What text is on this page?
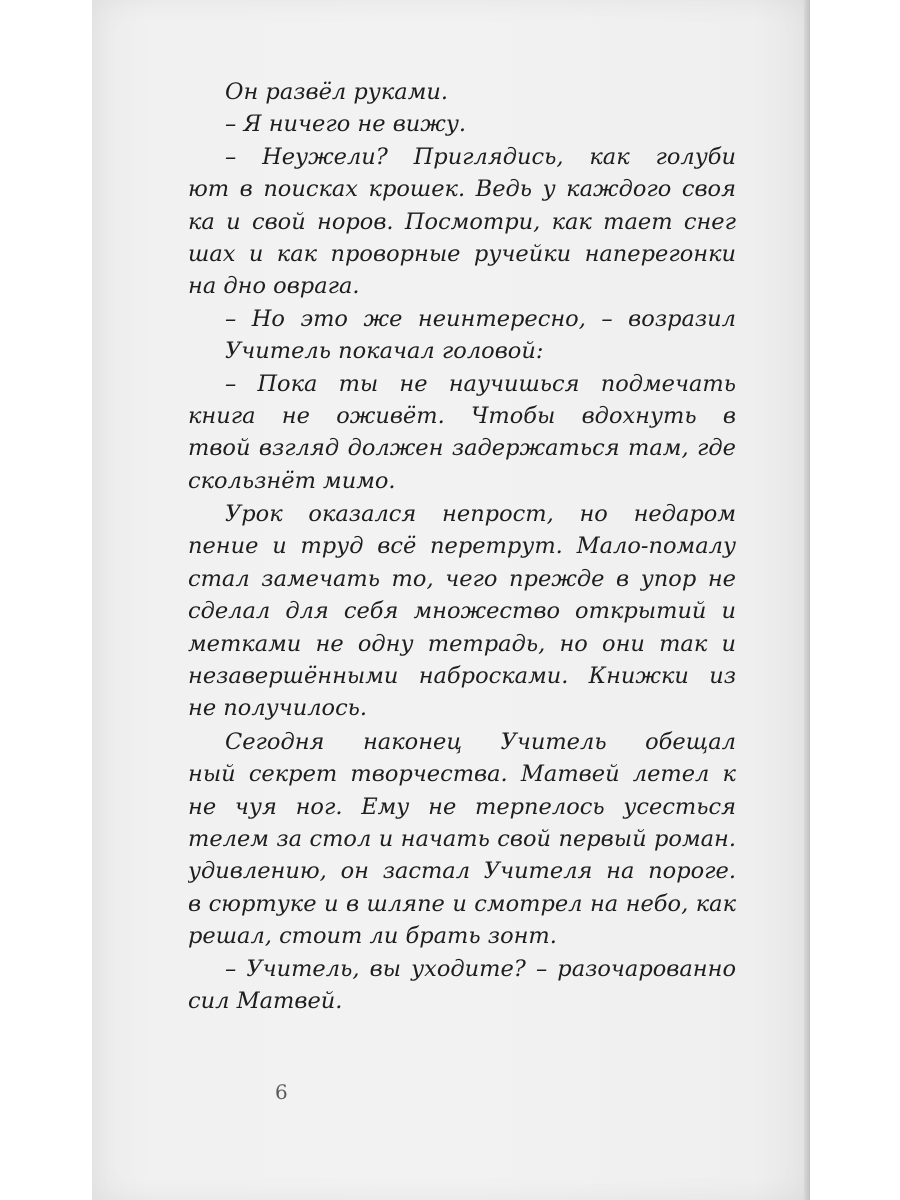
Он развёл руками.
– Я ничего не вижу.
– Неужели? Приглядись, как голуби
ют в поисках крошек. Ведь у каждого своя
ка и свой норов. Посмотри, как тает снег
шах и как проворные ручейки наперегонки
на дно оврага.
– Но это же неинтересно, – возразил
Учитель покачал головой:
– Пока ты не научишься подмечать
книга не оживёт. Чтобы вдохнуть в
твой взгляд должен задержаться там, где
скользнёт мимо.
Урок оказался непрост, но недаром
пение и труд всё перетрут. Мало-помалу
стал замечать то, чего прежде в упор не
сделал для себя множество открытий и
метками не одну тетрадь, но они так и
незавершёнными набросками. Книжки из
не получилось.
Сегодня наконец Учитель обещал
ный секрет творчества. Матвей летел к
не чуя ног. Ему не терпелось усесться
телем за стол и начать свой первый роман.
удивлению, он застал Учителя на пороге.
в сюртуке и в шляпе и смотрел на небо, как
решал, стоит ли брать зонт.
– Учитель, вы уходите? – разочарованно
сил Матвей.
6
